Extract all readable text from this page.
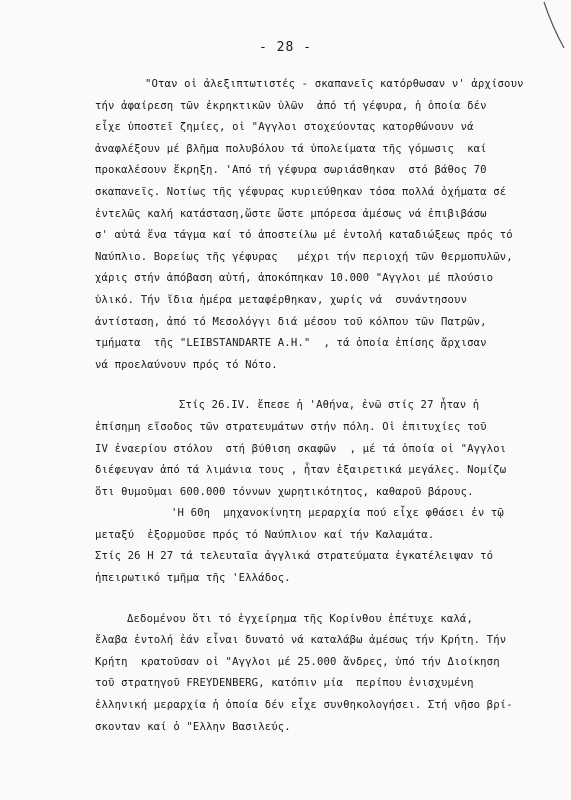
- 28 -
"Οταν οἱ ἀλεξιπτωτιστές - σκαπανεῖς κατόρθωσαν ν' ἀρχίσουν
τήν ἀφαίρεση τῶν ἐκρηκτικῶν ὑλῶν  ἀπό τή γέφυρα, ἡ ὁποία δέν
εἶχε ὑποστεῖ ζημίες, οἱ "Αγγλοι στοχεύοντας κατορθώνουν νά
ἀναφλέξουν μέ βλῆμα πολυβόλου τά ὑπολείματα τῆς γόμωσις  καί
προκαλέσουν ἔκρηξη. 'Από τή γέφυρα σωριάσθηκαν  στό βάθος 70
σκαπανεῖς. Νοτίως τῆς γέφυρας κυριεύθηκαν τόσα πολλά ὀχήματα σέ
ἐντελῶς καλή κατάσταση,ὥστε ὥστε μπόρεσα ἀμέσως νά ἐπιβιβάσω
σ' αὐτά ἕνα τάγμα καί τό ἀποστείλω μέ ἐντολή καταδιώξεως πρός τό
Ναύπλιο. Βορείως τῆς γέφυρας   μέχρι τήν περιοχή τῶν θερμοπυλῶν,
χάρις στήν ἀπόβαση αὐτή, ἀποκόπηκαν 10.000 "Αγγλοι μέ πλούσιο
ὑλικό. Τήν ἴδια ἡμέρα μεταφέρθηκαν, χωρίς νά  συνάντησουν
ἀντίσταση, ἀπό τό Μεσολόγγι διά μέσου τοῦ κόλπου τῶν Πατρῶν,
τμήματα  τῆς "LEIBSTANDARTE A.H."  , τά ὁποία ἐπίσης ἄρχισαν
νά προελαύνουν πρός τό Νότο.
Στίς 26.IV. ἔπεσε ἡ 'Αθήνα, ἐνῶ στίς 27 ἦταν ἡ
ἐπίσημη εἴσοδος τῶν στρατευμάτων στήν πόλη. Οἱ ἐπιτυχίες τοῦ
IV ἐναερίου στόλου  στή βύθιση σκαφῶν  , μέ τά ὁποία οἱ "Αγγλοι
διέφευγαν ἀπό τά λιμάνια τους , ἦταν ἐξαιρετικά μεγάλες. Νομίζω
ὅτι θυμοῦμαι 600.000 τόννων χωρητικότητος, καθαροῦ βάρους.
'Η 60η  μηχανοκίνητη μεραρχία πού εἶχε φθάσει ἐν τῷ
μεταξύ  ἐξορμοῦσε πρός τό Ναύπλιον καί τήν Καλαμάτα.
Στίς 26 Η 27 τά τελευταῖα ἀγγλικά στρατεύματα ἐγκατέλειψαν τό
ἠπειρωτικό τμῆμα τῆς 'Ελλάδος.
Δεδομένου ὅτι τό ἐγχείρημα τῆς Κορίνθου ἐπέτυχε καλά,
ἔλαβα ἐντολή ἐάν εἶναι δυνατό νά καταλάβω ἀμέσως τήν Κρήτη. Τήν
Κρήτη  κρατοῦσαν οἱ "Αγγλοι μέ 25.000 ἄνδρες, ὑπό τήν Διοίκηση
τοῦ στρατηγοῦ FREYDENBERG, κατόπιν μία  περίπου ἐνισχυμένη
ἑλληνική μεραρχία ἡ ὁποία δέν εἶχε συνθηκολογήσει. Στή νῆσο βρί-
σκονταν καί ὁ "Ελλην Βασιλεύς.
